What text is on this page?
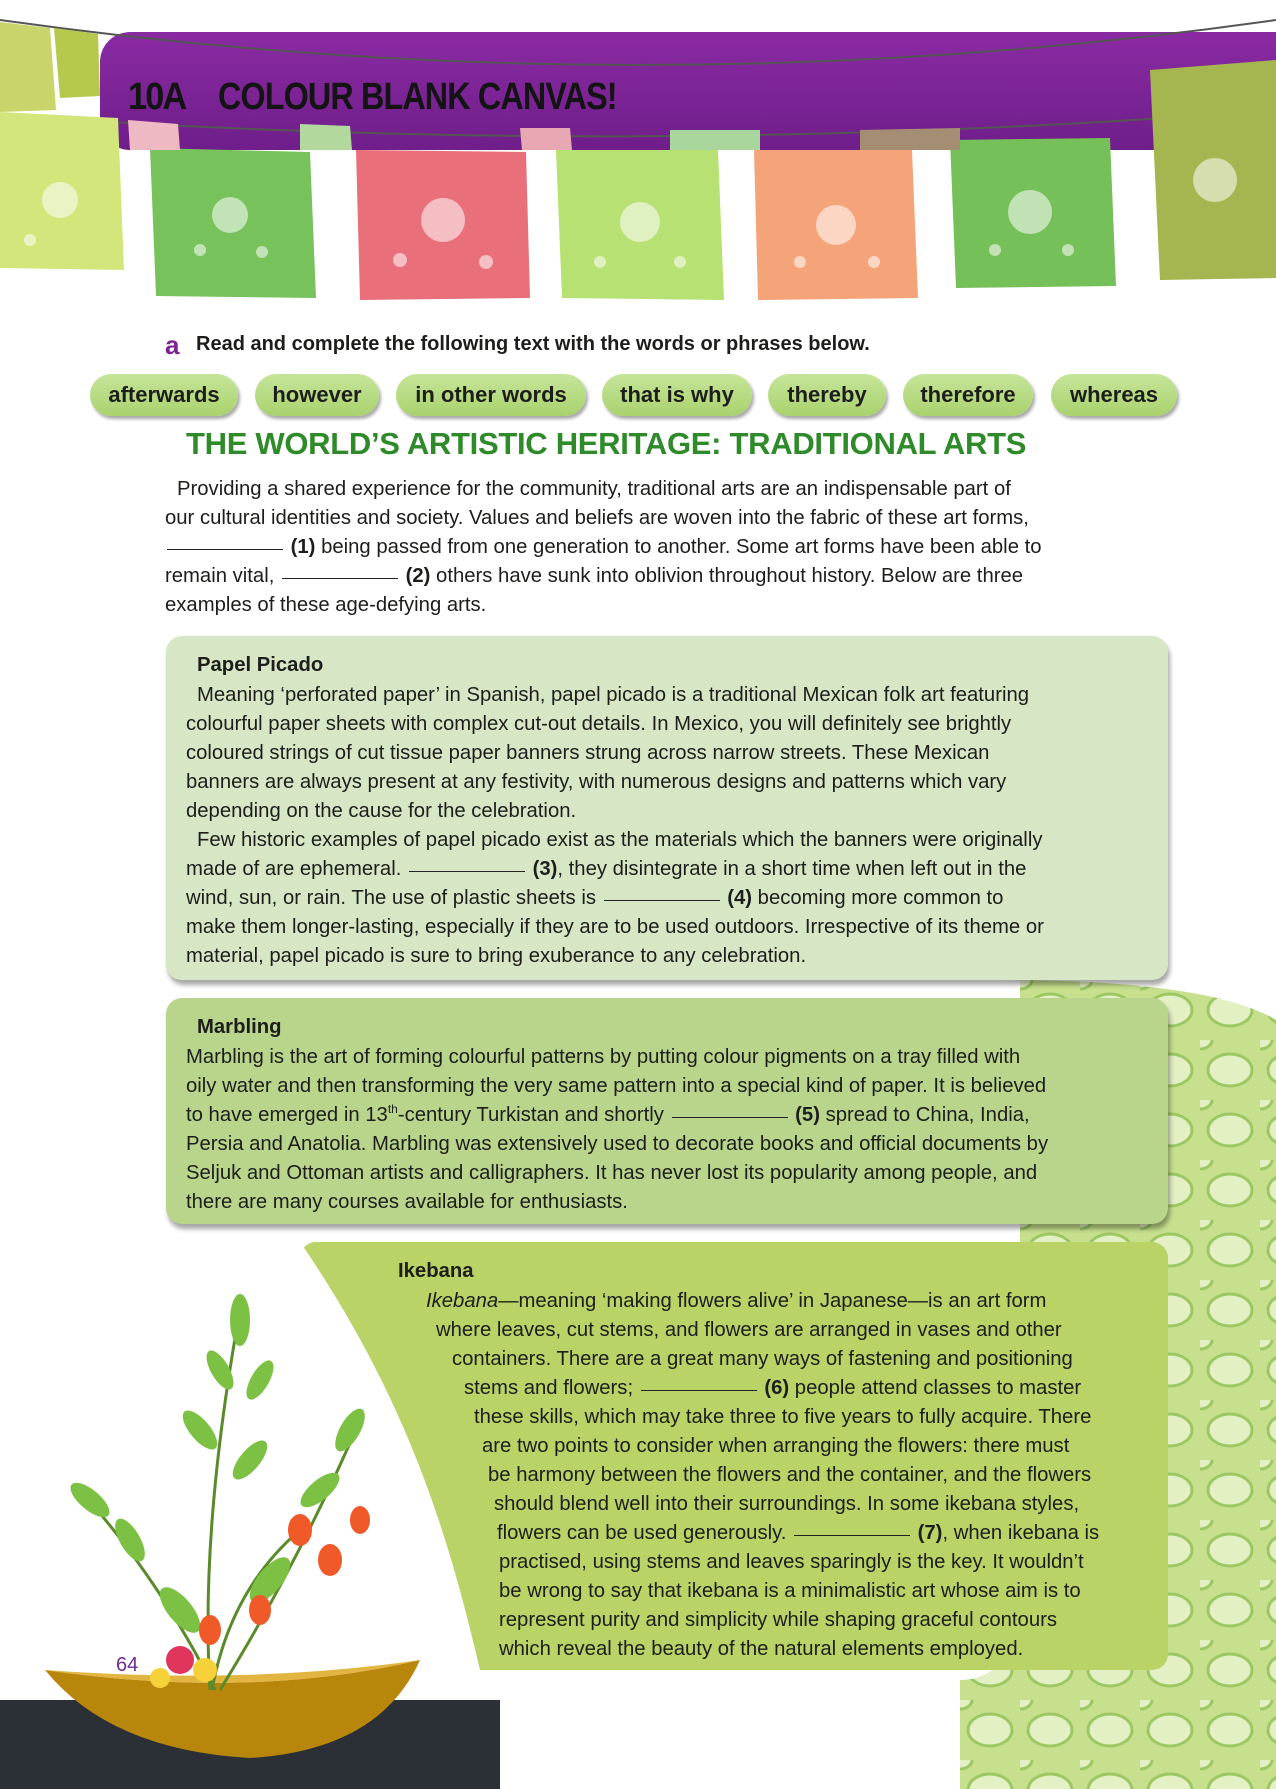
10A COLOUR BLANK CANVAS!
a Read and complete the following text with the words or phrases below.
afterwards	however	in other words	that is why	thereby	therefore	whereas
THE WORLD’S ARTISTIC HERITAGE: TRADITIONAL ARTS
Providing a shared experience for the community, traditional arts are an indispensable part of
our cultural identities and society. Values and beliefs are woven into the fabric of these art forms,
(1) being passed from one generation to another. Some art forms have been able to
remain vital,	(2) others have sunk into oblivion throughout history. Below are three
examples of these age-defying arts.
Papel Picado
Meaning ‘perforated paper’ in Spanish, papel picado is a traditional Mexican folk art featuring
colourful paper sheets with complex cut-out details. In Mexico, you will definitely see brightly
coloured strings of cut tissue paper banners strung across narrow streets. These Mexican
banners are always present at any festivity, with numerous designs and patterns which vary
depending on the cause for the celebration.
Few historic examples of papel picado exist as the materials which the banners were originally
made of are ephemeral.	(3), they disintegrate in a short time when left out in the
wind, sun, or rain. The use of plastic sheets is	(4) becoming more common to
make them longer-lasting, especially if they are to be used outdoors. Irrespective of its theme or
material, papel picado is sure to bring exuberance to any celebration.
Marbling
Marbling is the art of forming colourful patterns by putting colour pigments on a tray filled with
oily water and then transforming the very same pattern into a special kind of paper. It is believed
to have emerged in 13th-century Turkistan and shortly	(5) spread to China, India,
Persia and Anatolia. Marbling was extensively used to decorate books and official documents by
Seljuk and Ottoman artists and calligraphers. It has never lost its popularity among people, and
there are many courses available for enthusiasts.
Ikebana
Ikebana—meaning ‘making flowers alive’ in Japanese—is an art form
where leaves, cut stems, and flowers are arranged in vases and other
containers. There are a great many ways of fastening and positioning
stems and flowers;	(6) people attend classes to master
these skills, which may take three to five years to fully acquire. There
are two points to consider when arranging the flowers: there must
be harmony between the flowers and the container, and the flowers
should blend well into their surroundings. In some ikebana styles,
flowers can be used generously.	(7), when ikebana is
practised, using stems and leaves sparingly is the key. It wouldn’t
be wrong to say that ikebana is a minimalistic art whose aim is to
represent purity and simplicity while shaping graceful contours
which reveal the beauty of the natural elements employed.
64
